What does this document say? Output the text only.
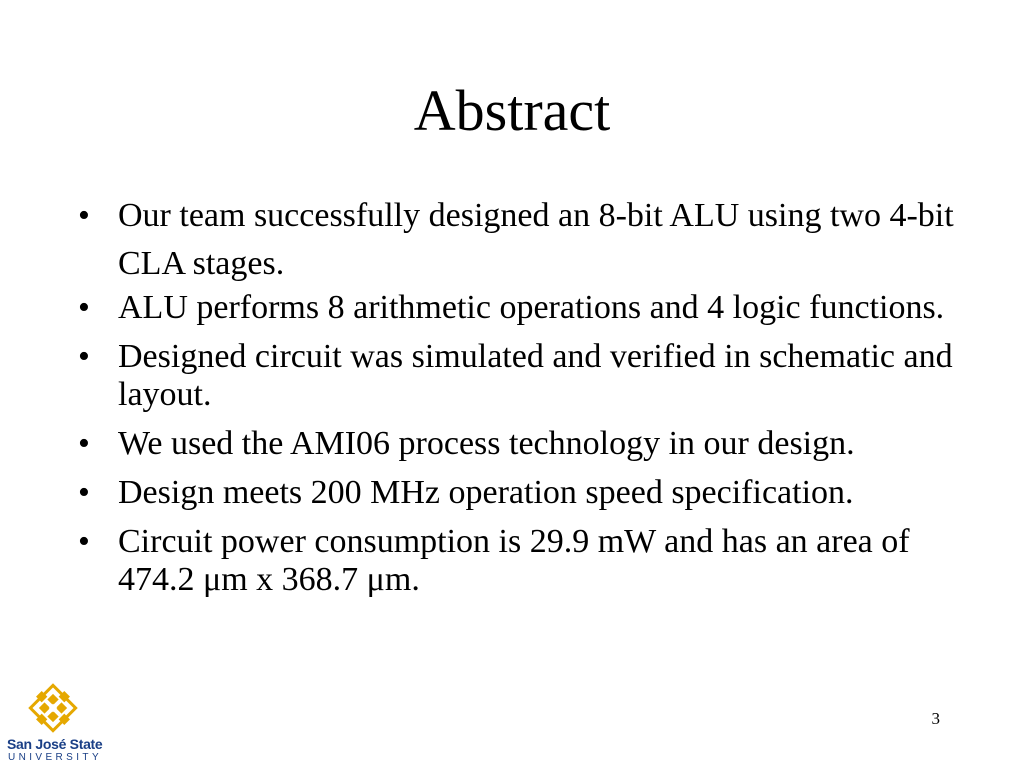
Abstract
• Our team successfully designed an 8-bit ALU using two 4-bit CLA stages.
• ALU performs 8 arithmetic operations and 4 logic functions.
• Designed circuit was simulated and verified in schematic and layout.
• We used the AMI06 process technology in our design.
• Design meets 200 MHz operation speed specification.
• Circuit power consumption is 29.9 mW and has an area of 474.2 μm x 368.7 μm.
3
San José State
UNIVERSITY
